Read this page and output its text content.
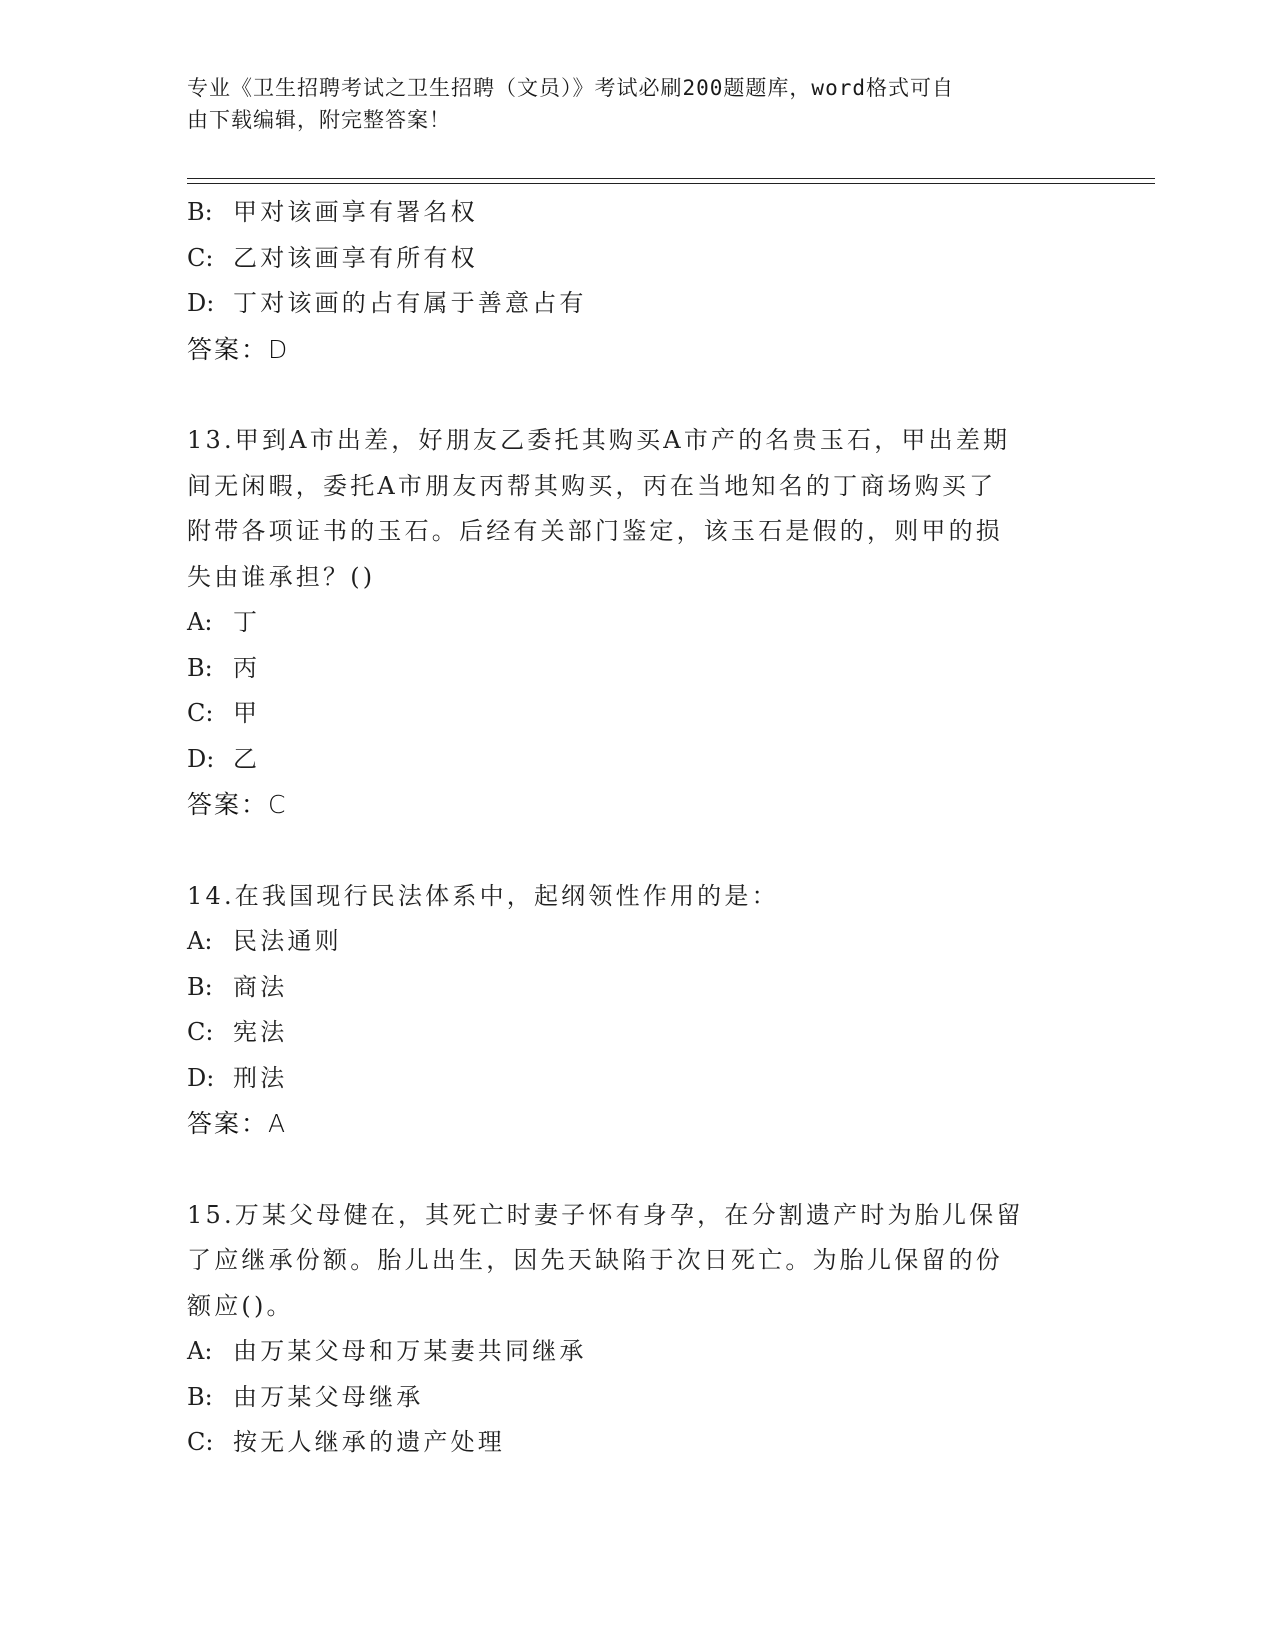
专业《卫生招聘考试之卫生招聘（文员）》考试必刷200题题库，word格式可自
由下载编辑，附完整答案！
B: 甲对该画享有署名权
C: 乙对该画享有所有权
D: 丁对该画的占有属于善意占有
答案：D
13.甲到A市出差，好朋友乙委托其购买A市产的名贵玉石，甲出差期
间无闲暇，委托A市朋友丙帮其购买，丙在当地知名的丁商场购买了
附带各项证书的玉石。后经有关部门鉴定，该玉石是假的，则甲的损
失由谁承担？()
A: 丁
B: 丙
C: 甲
D: 乙
答案：C
14.在我国现行民法体系中，起纲领性作用的是：
A: 民法通则
B: 商法
C: 宪法
D: 刑法
答案：A
15.万某父母健在，其死亡时妻子怀有身孕，在分割遗产时为胎儿保留
了应继承份额。胎儿出生，因先天缺陷于次日死亡。为胎儿保留的份
额应()。
A: 由万某父母和万某妻共同继承
B: 由万某父母继承
C: 按无人继承的遗产处理
